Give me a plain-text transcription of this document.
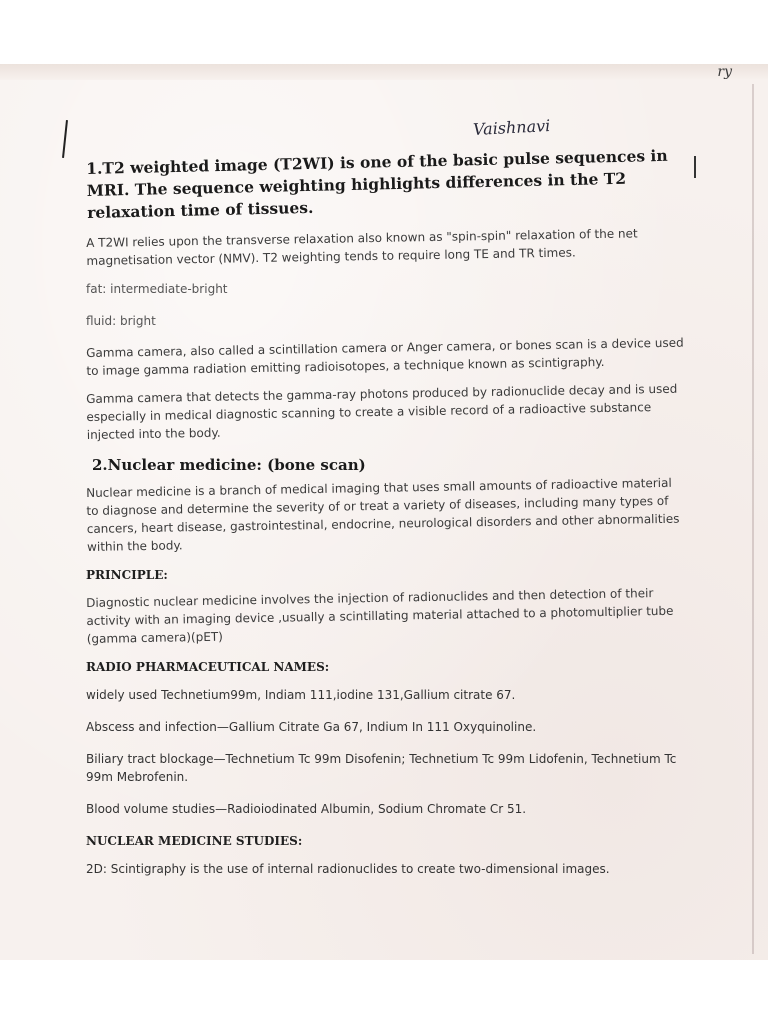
ry
Vaishnavi
1.T2 weighted image (T2WI) is one of the basic pulse sequences in MRI. The sequence weighting highlights differences in the T2 relaxation time of tissues.
A T2WI relies upon the transverse relaxation also known as "spin-spin" relaxation of the net magnetisation vector (NMV). T2 weighting tends to require long TE and TR times.
fat: intermediate-bright
fluid: bright
Gamma camera, also called a scintillation camera or Anger camera, or bones scan is a device used to image gamma radiation emitting radioisotopes, a technique known as scintigraphy.
Gamma camera that detects the gamma-ray photons produced by radionuclide decay and is used especially in medical diagnostic scanning to create a visible record of a radioactive substance injected into the body.
2.Nuclear medicine: (bone scan)
Nuclear medicine is a branch of medical imaging that uses small amounts of radioactive material to diagnose and determine the severity of or treat a variety of diseases, including many types of cancers, heart disease, gastrointestinal, endocrine, neurological disorders and other abnormalities within the body.
PRINCIPLE:
Diagnostic nuclear medicine involves the injection of radionuclides and then detection of their activity with an imaging device ,usually a scintillating material attached to a photomultiplier tube (gamma camera)(pET)
RADIO PHARMACEUTICAL NAMES:
widely used Technetium99m, Indiam 111,iodine 131,Gallium citrate 67.
Abscess and infection—Gallium Citrate Ga 67, Indium In 111 Oxyquinoline.
Biliary tract blockage—Technetium Tc 99m Disofenin; Technetium Tc 99m Lidofenin, Technetium Tc 99m Mebrofenin.
Blood volume studies—Radioiodinated Albumin, Sodium Chromate Cr 51.
NUCLEAR MEDICINE STUDIES:
2D: Scintigraphy is the use of internal radionuclides to create two-dimensional images.
